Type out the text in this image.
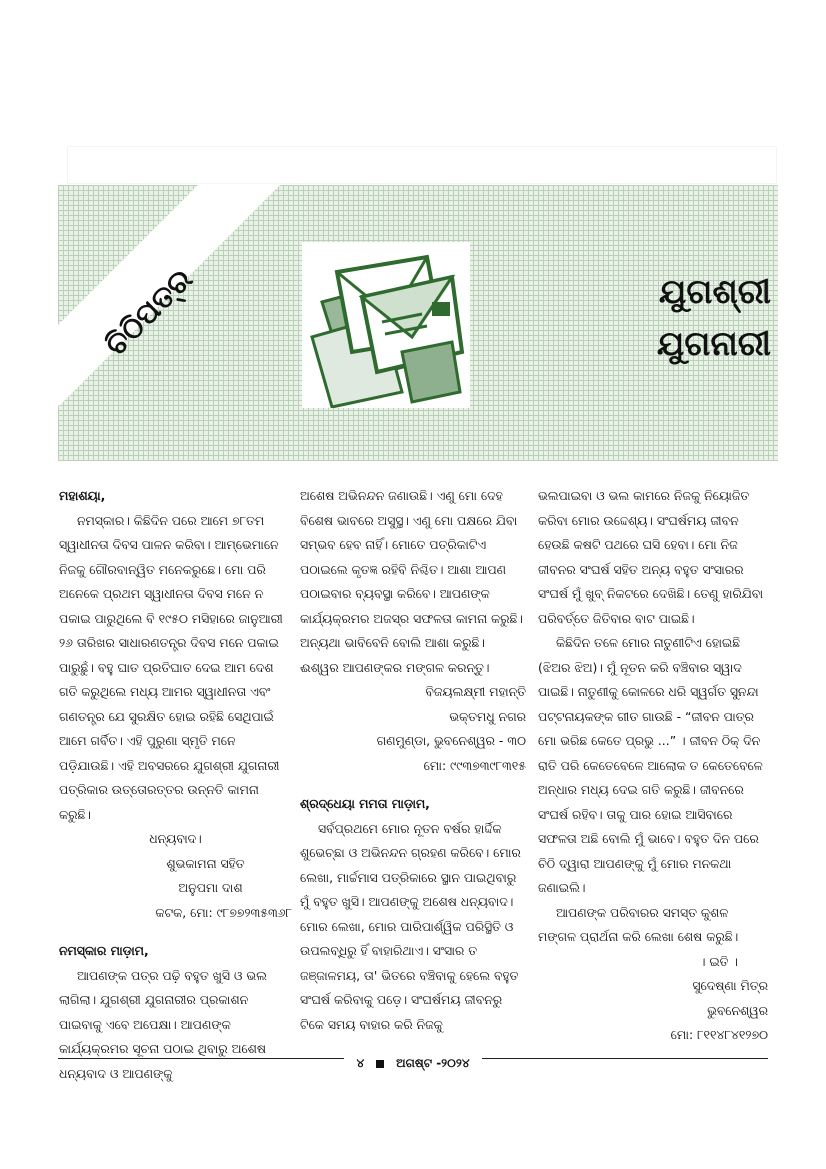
ଚିଠିପତ୍ର	ଯୁଗଶ୍ରୀ
ଯୁଗନାରୀ

ମହାଶୟା,

ନମସ୍କାର। କିଛିଦିନ ପରେ ଆମେ ୭୮ତମ ସ୍ୱାଧୀନତା ଦିବସ ପାଳନ କରିବା। ଆମ୍ଭେମାନେ ନିଜକୁ ଗୌରବାନ୍ୱିତ ମନେକରୁଛେ। ମୋ ପରି ଅନେକେ ପ୍ରଥମ ସ୍ୱାଧୀନତା ଦିବସ ମନେ ନ ପକାଇ ପାରୁଥିଲେ ବି ୧୯୫୦ ମସିହାରେ ଜାନୁଆରୀ ୨୬ ତାରିଖର ସାଧାରଣତନ୍ତ୍ର ଦିବସ ମନେ ପକାଇ ପାରୁଛୁଁ। ବହୁ ଘାତ ପ୍ରତିଘାତ ଦେଇ ଆମ ଦେଶ ଗତି କରୁଥିଲେ ମଧ୍ୟ ଆମର ସ୍ୱାଧୀନତା ଏବଂ ଗଣତନ୍ତ୍ର ଯେ ସୁରକ୍ଷିତ ହୋଇ ରହିଛି ସେଥିପାଇଁ ଆମେ ଗର୍ବିତ। ଏହି ପୁରୁଣା ସ୍ମୃତି ମନେ ପଡ଼ିଯାଉଛି। ଏହି ଅବସରରେ ଯୁଗଶ୍ରୀ ଯୁଗନାରୀ ପତ୍ରିକାର ଉତ୍ତୋରତ୍ତର ଉନ୍ନତି କାମନା କରୁଛି।

ଧନ୍ୟବାଦ।

ଶୁଭକାମନା ସହିତ

ଅନୁପମା ଦାଶ

କଟକ, ମୋ: ୯୮୭୭୨୩୫୩୬୮

ନମସ୍କାର ମାଡ଼ାମ,

ଆପଣଙ୍କ ପତ୍ର ପଢ଼ି ବହୁତ ଖୁସି ଓ ଭଲ ଲାଗିଲା। ଯୁଗଶ୍ରୀ ଯୁଗନାରୀର ପ୍ରକାଶନ ପାଇବାକୁ ଏବେ ଅପେକ୍ଷା। ଆପଣଙ୍କ କାର୍ଯ୍ୟକ୍ରମର ସୂଚନା ପଠାଇ ଥିବାରୁ ଅଶେଷ ଧନ୍ୟବାଦ ଓ ଆପଣଙ୍କୁ

ଅଶେଷ ଅଭିନନ୍ଦନ ଜଣାଉଛି। ଏଣୁ ମୋ ଦେହ ବିଶେଷ ଭାବରେ ଅସୁସ୍ଥ। ଏଣୁ ମୋ ପକ୍ଷରେ ଯିବା ସମ୍ଭବ ହେବ ନାହିଁ। ମୋତେ ପତ୍ରିକାଟିଏ ପଠାଇଲେ କୃତଜ୍ଞ ରହିବି ନିଶ୍ଚିତ। ଆଶା ଆପଣ ପଠାଇବାର ବ୍ୟବସ୍ଥା କରିବେ। ଆପଣଙ୍କ କାର୍ଯ୍ୟକ୍ରମର ଅଜସ୍ର ସଫଳତା କାମନା କରୁଛି। ଅନ୍ୟଥା ଭାବିବେନି ବୋଲି ଆଶା କରୁଛି। ଈଶ୍ୱର ଆପଣଙ୍କର ମଙ୍ଗଳ କରନ୍ତୁ।

ବିଜୟଲକ୍ଷ୍ମୀ ମହାନ୍ତି

ଭକ୍ତମଧୁ ନଗର

ଗଣମୁଣ୍ଡା, ଭୁବନେଶ୍ୱର - ୩୦

ମୋ: ୯୯୩୭୩୯୮୩୧୫

ଶ୍ରଦ୍ଧେୟା ମମତା ମାଡ଼ାମ,

ସର୍ବପ୍ରଥମେ ମୋର ନୂତନ ବର୍ଷର ହାର୍ଦ୍ଦିକ ଶୁଭେଚ୍ଛା ଓ ଅଭିନନ୍ଦନ ଗ୍ରହଣ କରିବେ। ମୋର ଲେଖା, ମାର୍ଚ୍ଚମାସ ପତ୍ରିକାରେ ସ୍ଥାନ ପାଇଥିବାରୁ ମୁଁ ବହୁତ ଖୁସି। ଆପଣଙ୍କୁ ଅଶେଷ ଧନ୍ୟବାଦ। ମୋର ଲେଖା, ମୋର ପାରିପାର୍ଶ୍ୱିକ ପରିସ୍ଥିତି ଓ ଉପଲବ୍ଧିରୁ ହିଁ ବାହାରିଥାଏ। ସଂସାର ତ ଜଞ୍ଜାଳମୟ, ତା' ଭିତରେ ବଞ୍ଚିବାକୁ ହେଲେ ବହୁତ ସଂଘର୍ଷ କରିବାକୁ ପଡ଼େ। ସଂଘର୍ଷମୟ ଜୀବନରୁ ଟିକେ ସମୟ ବାହାର କରି ନିଜକୁ

ଭଲପାଇବା ଓ ଭଲ କାମରେ ନିଜକୁ ନିୟୋଜିତ କରିବା ମୋର ଉଦ୍ଦେଶ୍ୟ। ସଂଘର୍ଷମୟ ଜୀବନ ହେଉଛି କଷଟି ପଥରେ ଘସି ହେବା। ମୋ ନିଜ ଜୀବନର ସଂଘର୍ଷ ସହିତ ଅନ୍ୟ ବହୁତ ସଂସାରର ସଂଘର୍ଷ ମୁଁ ଖୁବ୍ ନିକଟରେ ଦେଖିଛି। ତେଣୁ ହାରିଯିବା ପରିବର୍ତ୍ତେ ଜିତିବାର ବାଟ ପାଇଛି।

କିଛିଦିନ ତଳେ ମୋର ନାତୁଣୀଟିଏ ହୋଇଛି (ଝିଅର ଝିଅ)। ମୁଁ ନୂତନ କରି ବଞ୍ଚିବାର ସ୍ୱାଦ ପାଇଛି। ନାତୁଣୀକୁ କୋଳରେ ଧରି ସ୍ୱର୍ଗତ ସୁନନ୍ଦା ପଟ୍ଟନାୟକଙ୍କ ଗୀତ ଗାଉଛି - “ଜୀବନ ପାତ୍ର ମୋ ଭରିଛ କେତେ ପ୍ରଭୁ ...” । ଜୀବନ ଠିକ୍ ଦିନ ରାତି ପରି କେତେବେଳେ ଆଲୋକ ତ କେତେବେଳେ ଅନ୍ଧାର ମଧ୍ୟ ଦେଇ ଗତି କରୁଛି। ଜୀବନରେ ସଂଘର୍ଷ ରହିବ। ତାକୁ ପାର ହୋଇ ଆସିବାରେ ସଫଳତା ଅଛି ବୋଲି ମୁଁ ଭାବେ। ବହୁତ ଦିନ ପରେ ଚିଠି ଦ୍ୱାରା ଆପଣଙ୍କୁ ମୁଁ ମୋର ମନକଥା ଜଣାଇଲି।

ଆପଣଙ୍କ ପରିବାରର ସମସ୍ତ କୁଶଳ ମଙ୍ଗଳ ପ୍ରାର୍ଥନା କରି ଲେଖା ଶେଷ କରୁଛି।

। ଇତି ।

ସୁଦେଷ୍ଣା ମିତ୍ର

ଭୁବନେଶ୍ୱର

ମୋ: ୮୧୧୪୮୪୧୨୭୦

୪	ଅଗଷ୍ଟ -୨୦୨୪
